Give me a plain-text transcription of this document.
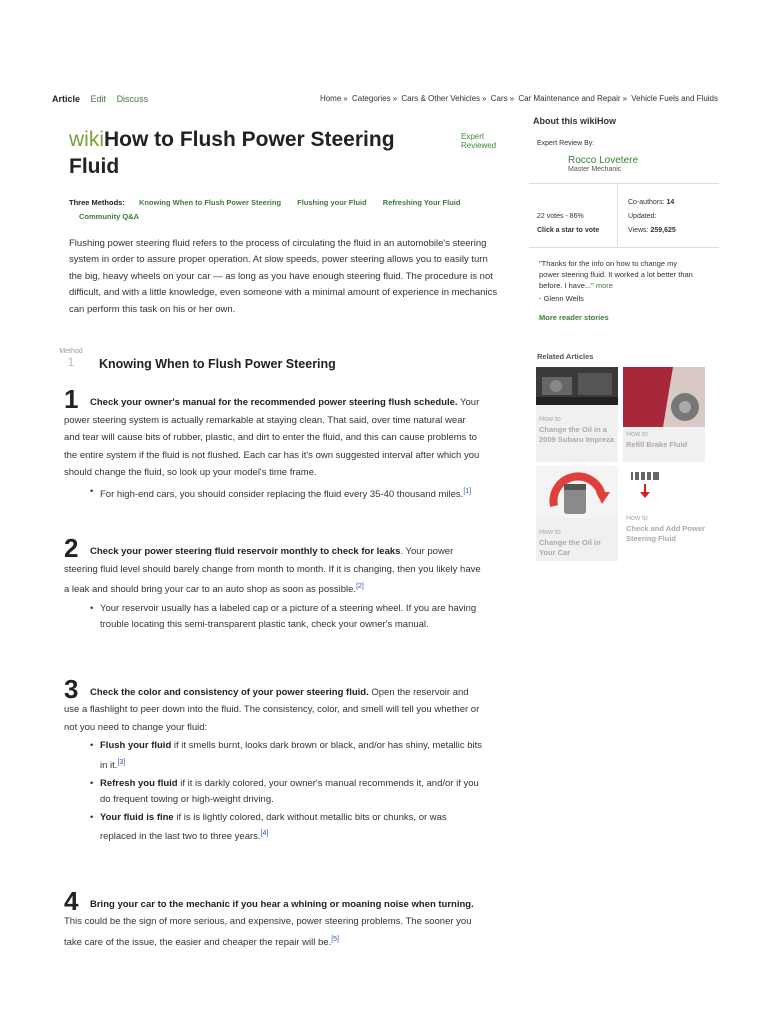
Article Edit Discuss	Home » Categories » Cars & Other Vehicles » Cars » Car Maintenance and Repair » Vehicle Fuels and Fluids
wikiHow to Flush Power Steering Fluid
Expert
Reviewed
Three Methods: Knowing When to Flush Power Steering Flushing your Fluid Refreshing Your Fluid
Community Q&A

Flushing power steering fluid refers to the process of circulating the fluid in an automobile's steering system in order to assure proper operation. At slow speeds, power steering allows you to easily turn the big, heavy wheels on your car — as long as you have enough steering fluid. The procedure is not difficult, and with a little knowledge, even someone with a minimal amount of experience in mechanics can perform this task on his or her own.

Method
1	Knowing When to Flush Power Steering
1	Check your owner's manual for the recommended power steering flush schedule. Your power steering system is actually remarkable at staying clean. That said, over time natural wear and tear will cause bits of rubber, plastic, and dirt to enter the fluid, and this can cause problems to the entire system if the fluid is not flushed. Each car has it's own suggested interval after which you should change the fluid, so look up your model's time frame.
• For high-end cars, you should consider replacing the fluid every 35-40 thousand miles.[1]
2	Check your power steering fluid reservoir monthly to check for leaks. Your power steering fluid level should barely change from month to month. If it is changing, then you likely have a leak and should bring your car to an auto shop as soon as possible.[2]
• Your reservoir usually has a labeled cap or a picture of a steering wheel. If you are having trouble locating this semi-transparent plastic tank, check your owner's manual.
3	Check the color and consistency of your power steering fluid. Open the reservoir and use a flashlight to peer down into the fluid. The consistency, color, and smell will tell you whether or not you need to change your fluid:
• Flush your fluid if it smells burnt, looks dark brown or black, and/or has shiny, metallic bits in it.[3]
• Refresh you fluid if it is darkly colored, your owner's manual recommends it, and/or if you do frequent towing or high-weight driving.
• Your fluid is fine if is is lightly colored, dark without metallic bits or chunks, or was replaced in the last two to three years.[4]
4	Bring your car to the mechanic if you hear a whining or moaning noise when turning. This could be the sign of more serious, and expensive, power steering problems. The sooner you take care of the issue, the easier and cheaper the repair will be.[5]
About this wikiHow
Expert Review By:
Rocco Lovetere
Master Mechanic
22 votes - 86%
Click a star to vote
Co-authors: 14
Updated:
Views: 259,625
"Thanks for the info on how to change my power steering fluid. It worked a lot better than before. I have..." more
- Glenn Wells
More reader stories
Related Articles
How to
Change the Oil in a 2009 Subaru Impreza
How to
Refill Brake Fluid
How to
Change the Oil in Your Car
How to
Check and Add Power Steering Fluid
